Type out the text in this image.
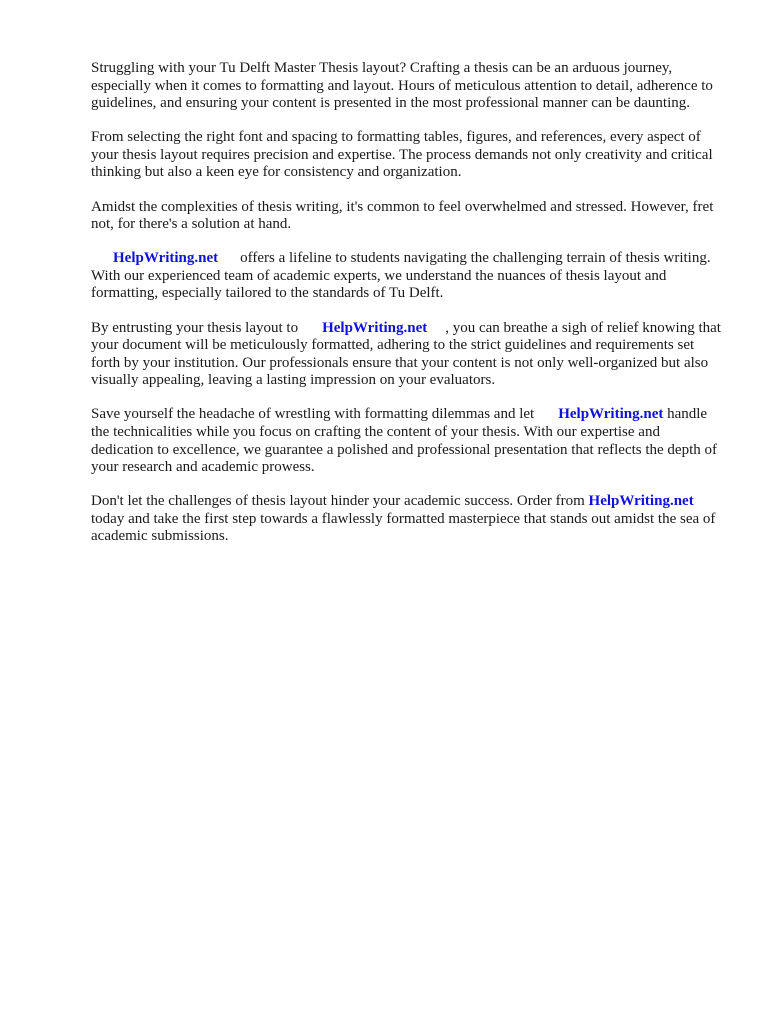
Struggling with your Tu Delft Master Thesis layout? Crafting a thesis can be an arduous journey, especially when it comes to formatting and layout. Hours of meticulous attention to detail, adherence to guidelines, and ensuring your content is presented in the most professional manner can be daunting.

From selecting the right font and spacing to formatting tables, figures, and references, every aspect of your thesis layout requires precision and expertise. The process demands not only creativity and critical thinking but also a keen eye for consistency and organization.

Amidst the complexities of thesis writing, it's common to feel overwhelmed and stressed. However, fret not, for there's a solution at hand.

HelpWriting.net offers a lifeline to students navigating the challenging terrain of thesis writing. With our experienced team of academic experts, we understand the nuances of thesis layout and formatting, especially tailored to the standards of Tu Delft.

By entrusting your thesis layout to HelpWriting.net , you can breathe a sigh of relief knowing that your document will be meticulously formatted, adhering to the strict guidelines and requirements set forth by your institution. Our professionals ensure that your content is not only well-organized but also visually appealing, leaving a lasting impression on your evaluators.

Save yourself the headache of wrestling with formatting dilemmas and let HelpWriting.net handle the technicalities while you focus on crafting the content of your thesis. With our expertise and dedication to excellence, we guarantee a polished and professional presentation that reflects the depth of your research and academic prowess.

Don't let the challenges of thesis layout hinder your academic success. Order from HelpWriting.nettoday and take the first step towards a flawlessly formatted masterpiece that stands out amidst the sea of academic submissions.
